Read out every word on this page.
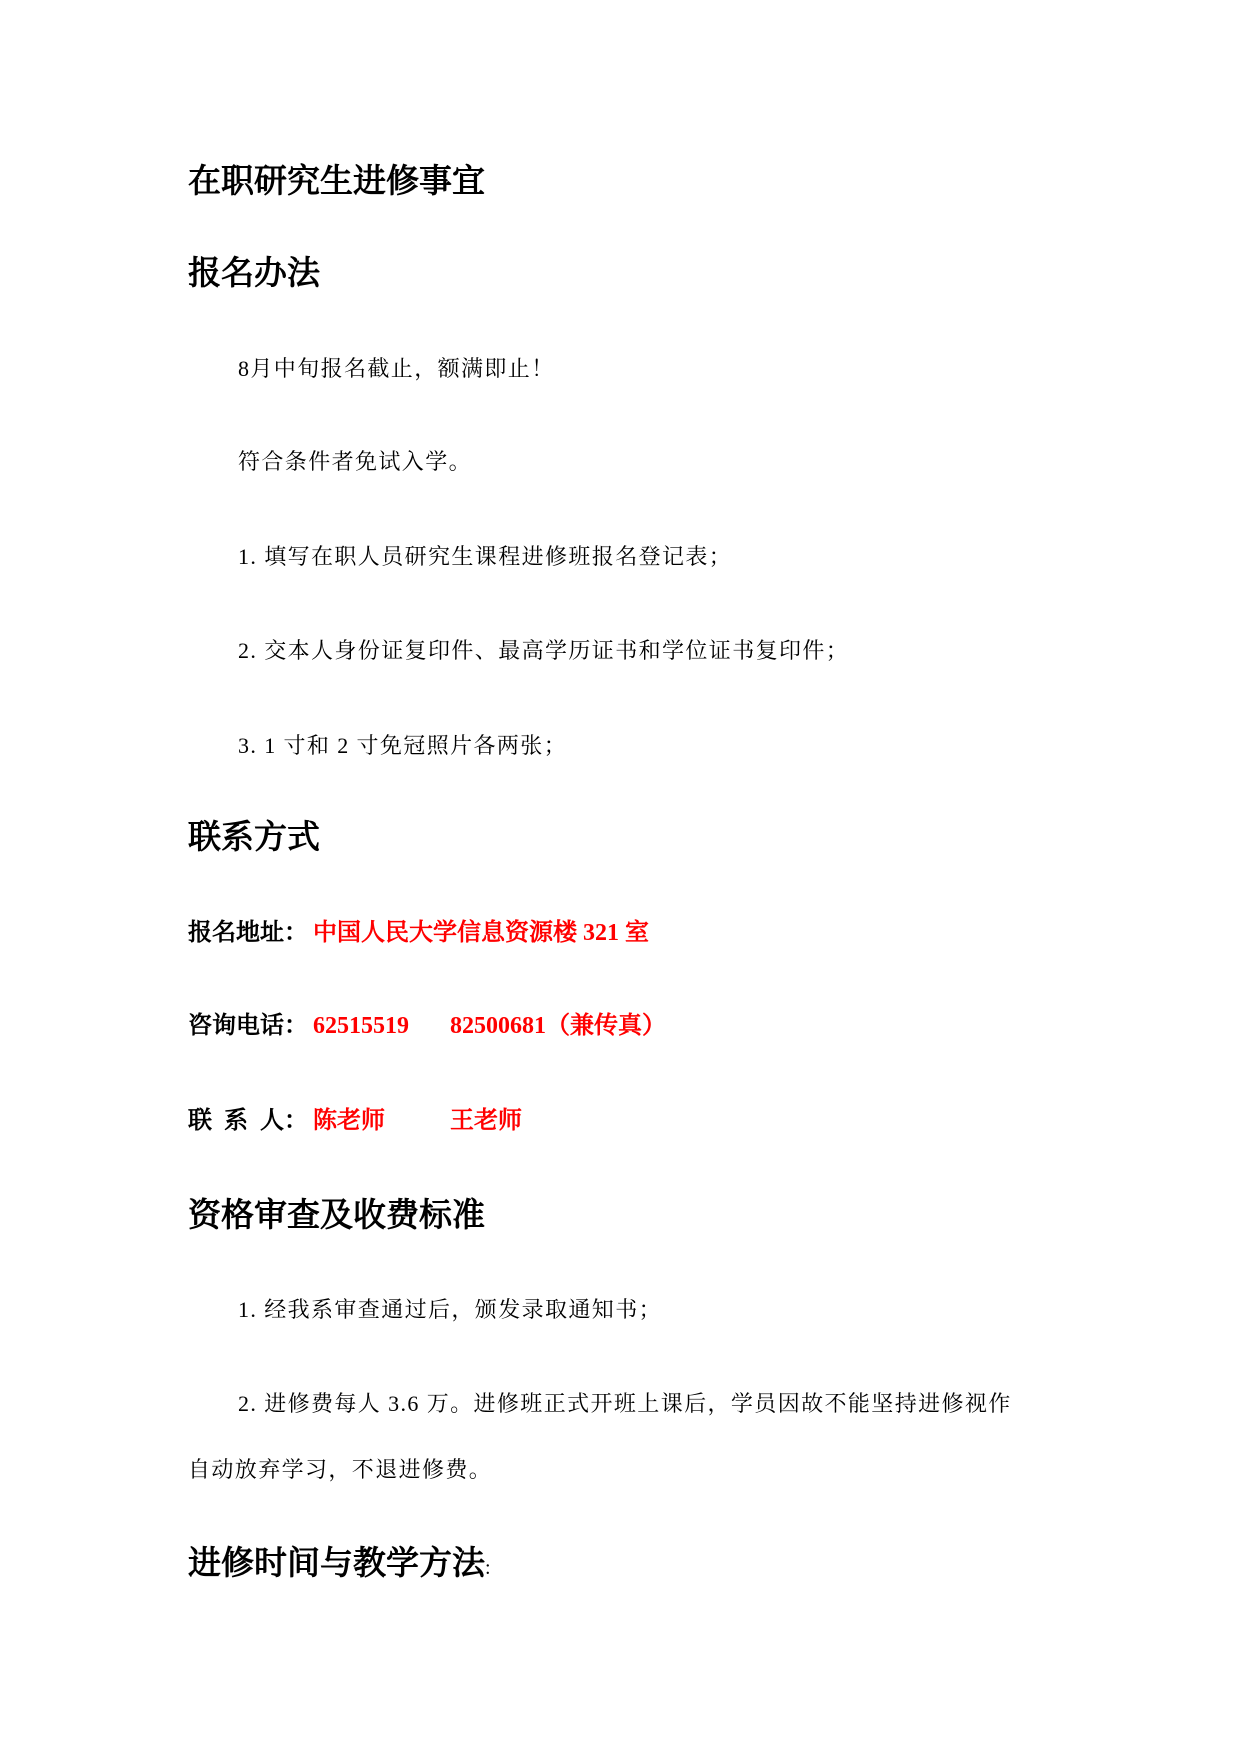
在职研究生进修事宜
报名办法

8月中旬报名截止，额满即止！

符合条件者免试入学。

1. 填写在职人员研究生课程进修班报名登记表；

2. 交本人身份证复印件、最高学历证书和学位证书复印件；

3. 1 寸和 2 寸免冠照片各两张；

联系方式
报名地址： 中国人民大学信息资源楼 321 室
咨询电话： 62515519 82500681（兼传真）
联  系  人： 陈老师	王老师
资格审查及收费标准

1. 经我系审查通过后，颁发录取通知书；

2. 进修费每人 3.6 万。进修班正式开班上课后，学员因故不能坚持进修视作

自动放弃学习，不退进修费。

进修时间与教学方法:
